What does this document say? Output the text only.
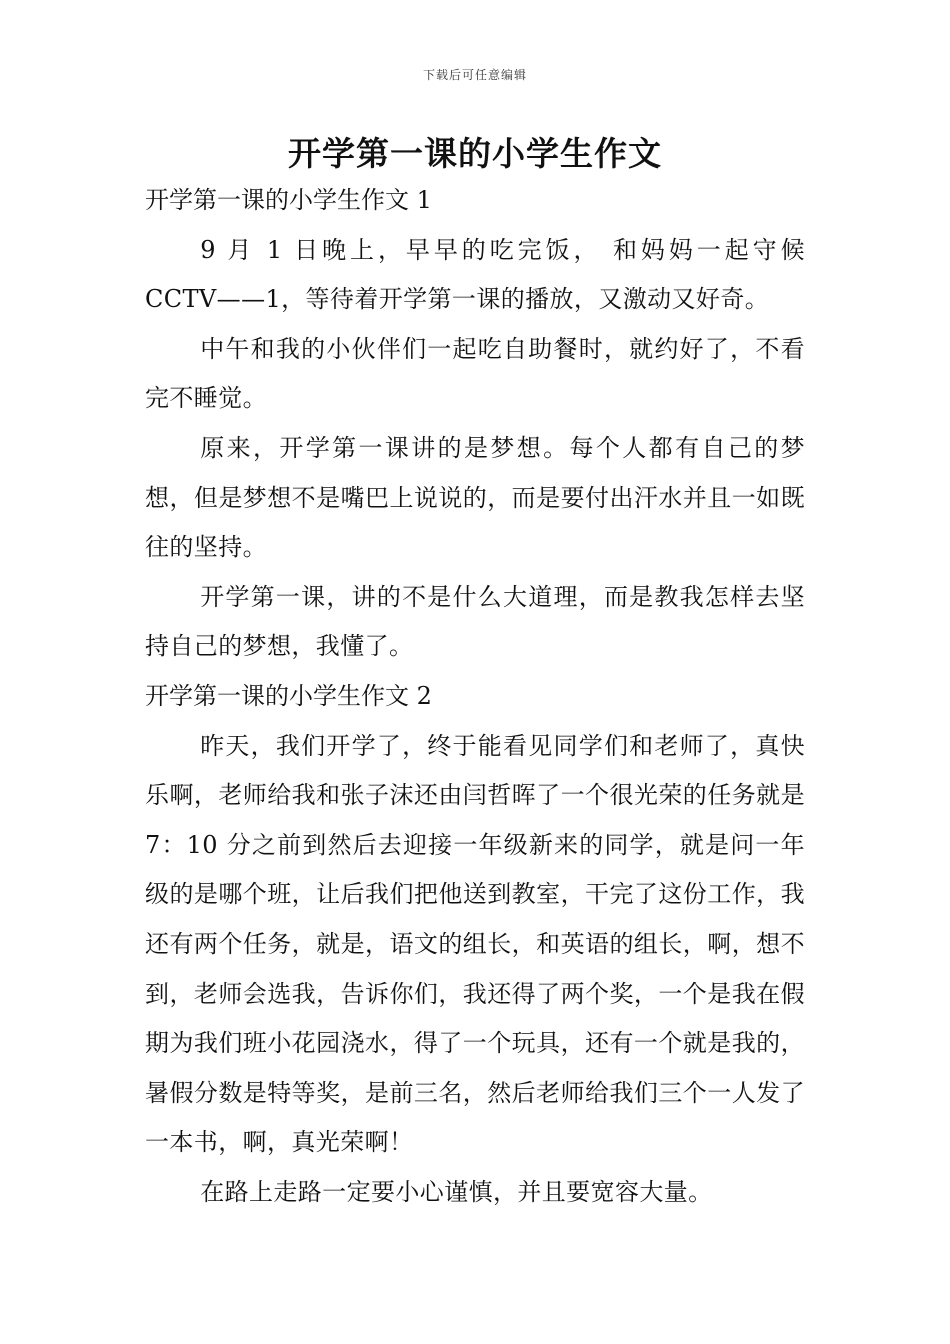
下载后可任意编辑
开学第一课的小学生作文

开学第一课的小学生作文 1

9 月 1 日晚上，早早的吃完饭， 和妈妈一起守候 CCTV——1，等待着开学第一课的播放，又激动又好奇。

中午和我的小伙伴们一起吃自助餐时，就约好了，不看完不睡觉。

原来，开学第一课讲的是梦想。每个人都有自己的梦想，但是梦想不是嘴巴上说说的，而是要付出汗水并且一如既往的坚持。

开学第一课，讲的不是什么大道理，而是教我怎样去坚持自己的梦想，我懂了。

开学第一课的小学生作文 2

昨天，我们开学了，终于能看见同学们和老师了，真快乐啊，老师给我和张子沫还由闫哲晖了一个很光荣的任务就是 7：10 分之前到然后去迎接一年级新来的同学，就是问一年级的是哪个班，让后我们把他送到教室，干完了这份工作，我还有两个任务，就是，语文的组长，和英语的组长，啊，想不到，老师会选我，告诉你们，我还得了两个奖，一个是我在假期为我们班小花园浇水，得了一个玩具，还有一个就是我的，暑假分数是特等奖，是前三名，然后老师给我们三个一人发了一本书，啊，真光荣啊！

在路上走路一定要小心谨慎，并且要宽容大量。
